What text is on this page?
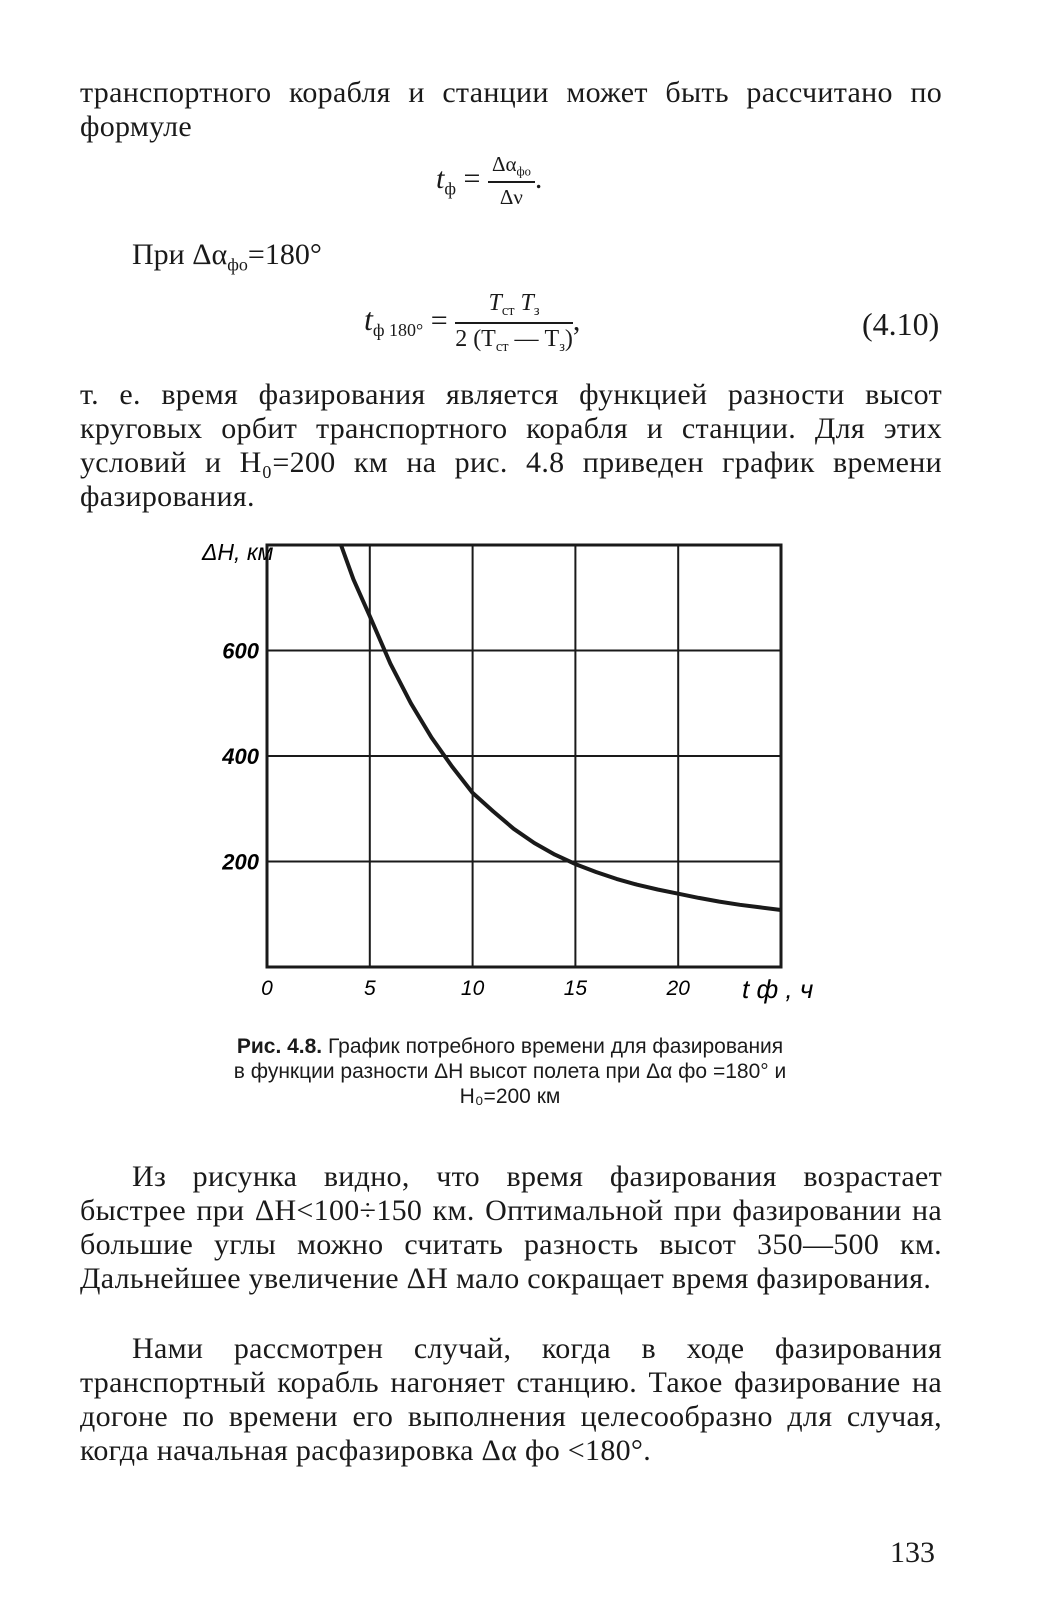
транспортного корабля и станции может быть рассчитано по формуле

$t_ф = \frac{\Delta\alpha_{фо}}{\Delta\nu}$ .
При $\Delta\alpha_{фо}=180^\circ$
$t_{ф 180^\circ} = \frac{T_{ст} T_з}{2 (T_{ст} — T_з)}$ ,	(4.10)

т. е. время фазирования является функцией разности высот круговых орбит транспортного корабля и станции. Для этих условий и H₀=200 км на рис. 4.8 приведен график времени фазирования.

0	5	10	15	20
200
400
600
ΔH, км
t ф , ч
Рис. 4.8. График потребного времени для фазирования в функции разности ΔH высот полета при Δα фо =180° и H₀=200 км

Из рисунка видно, что время фазирования возрастает быстрее при ΔH<100÷150 км. Оптимальной при фазировании на большие углы можно считать разность высот 350—500 км. Дальнейшее увеличение ΔH мало сокращает время фазирования.

Нами рассмотрен случай, когда в ходе фазирования транспортный корабль нагоняет станцию. Такое фазирование на догоне по времени его выполнения целесообразно для случая, когда начальная расфазировка Δα фо <180°.

133
